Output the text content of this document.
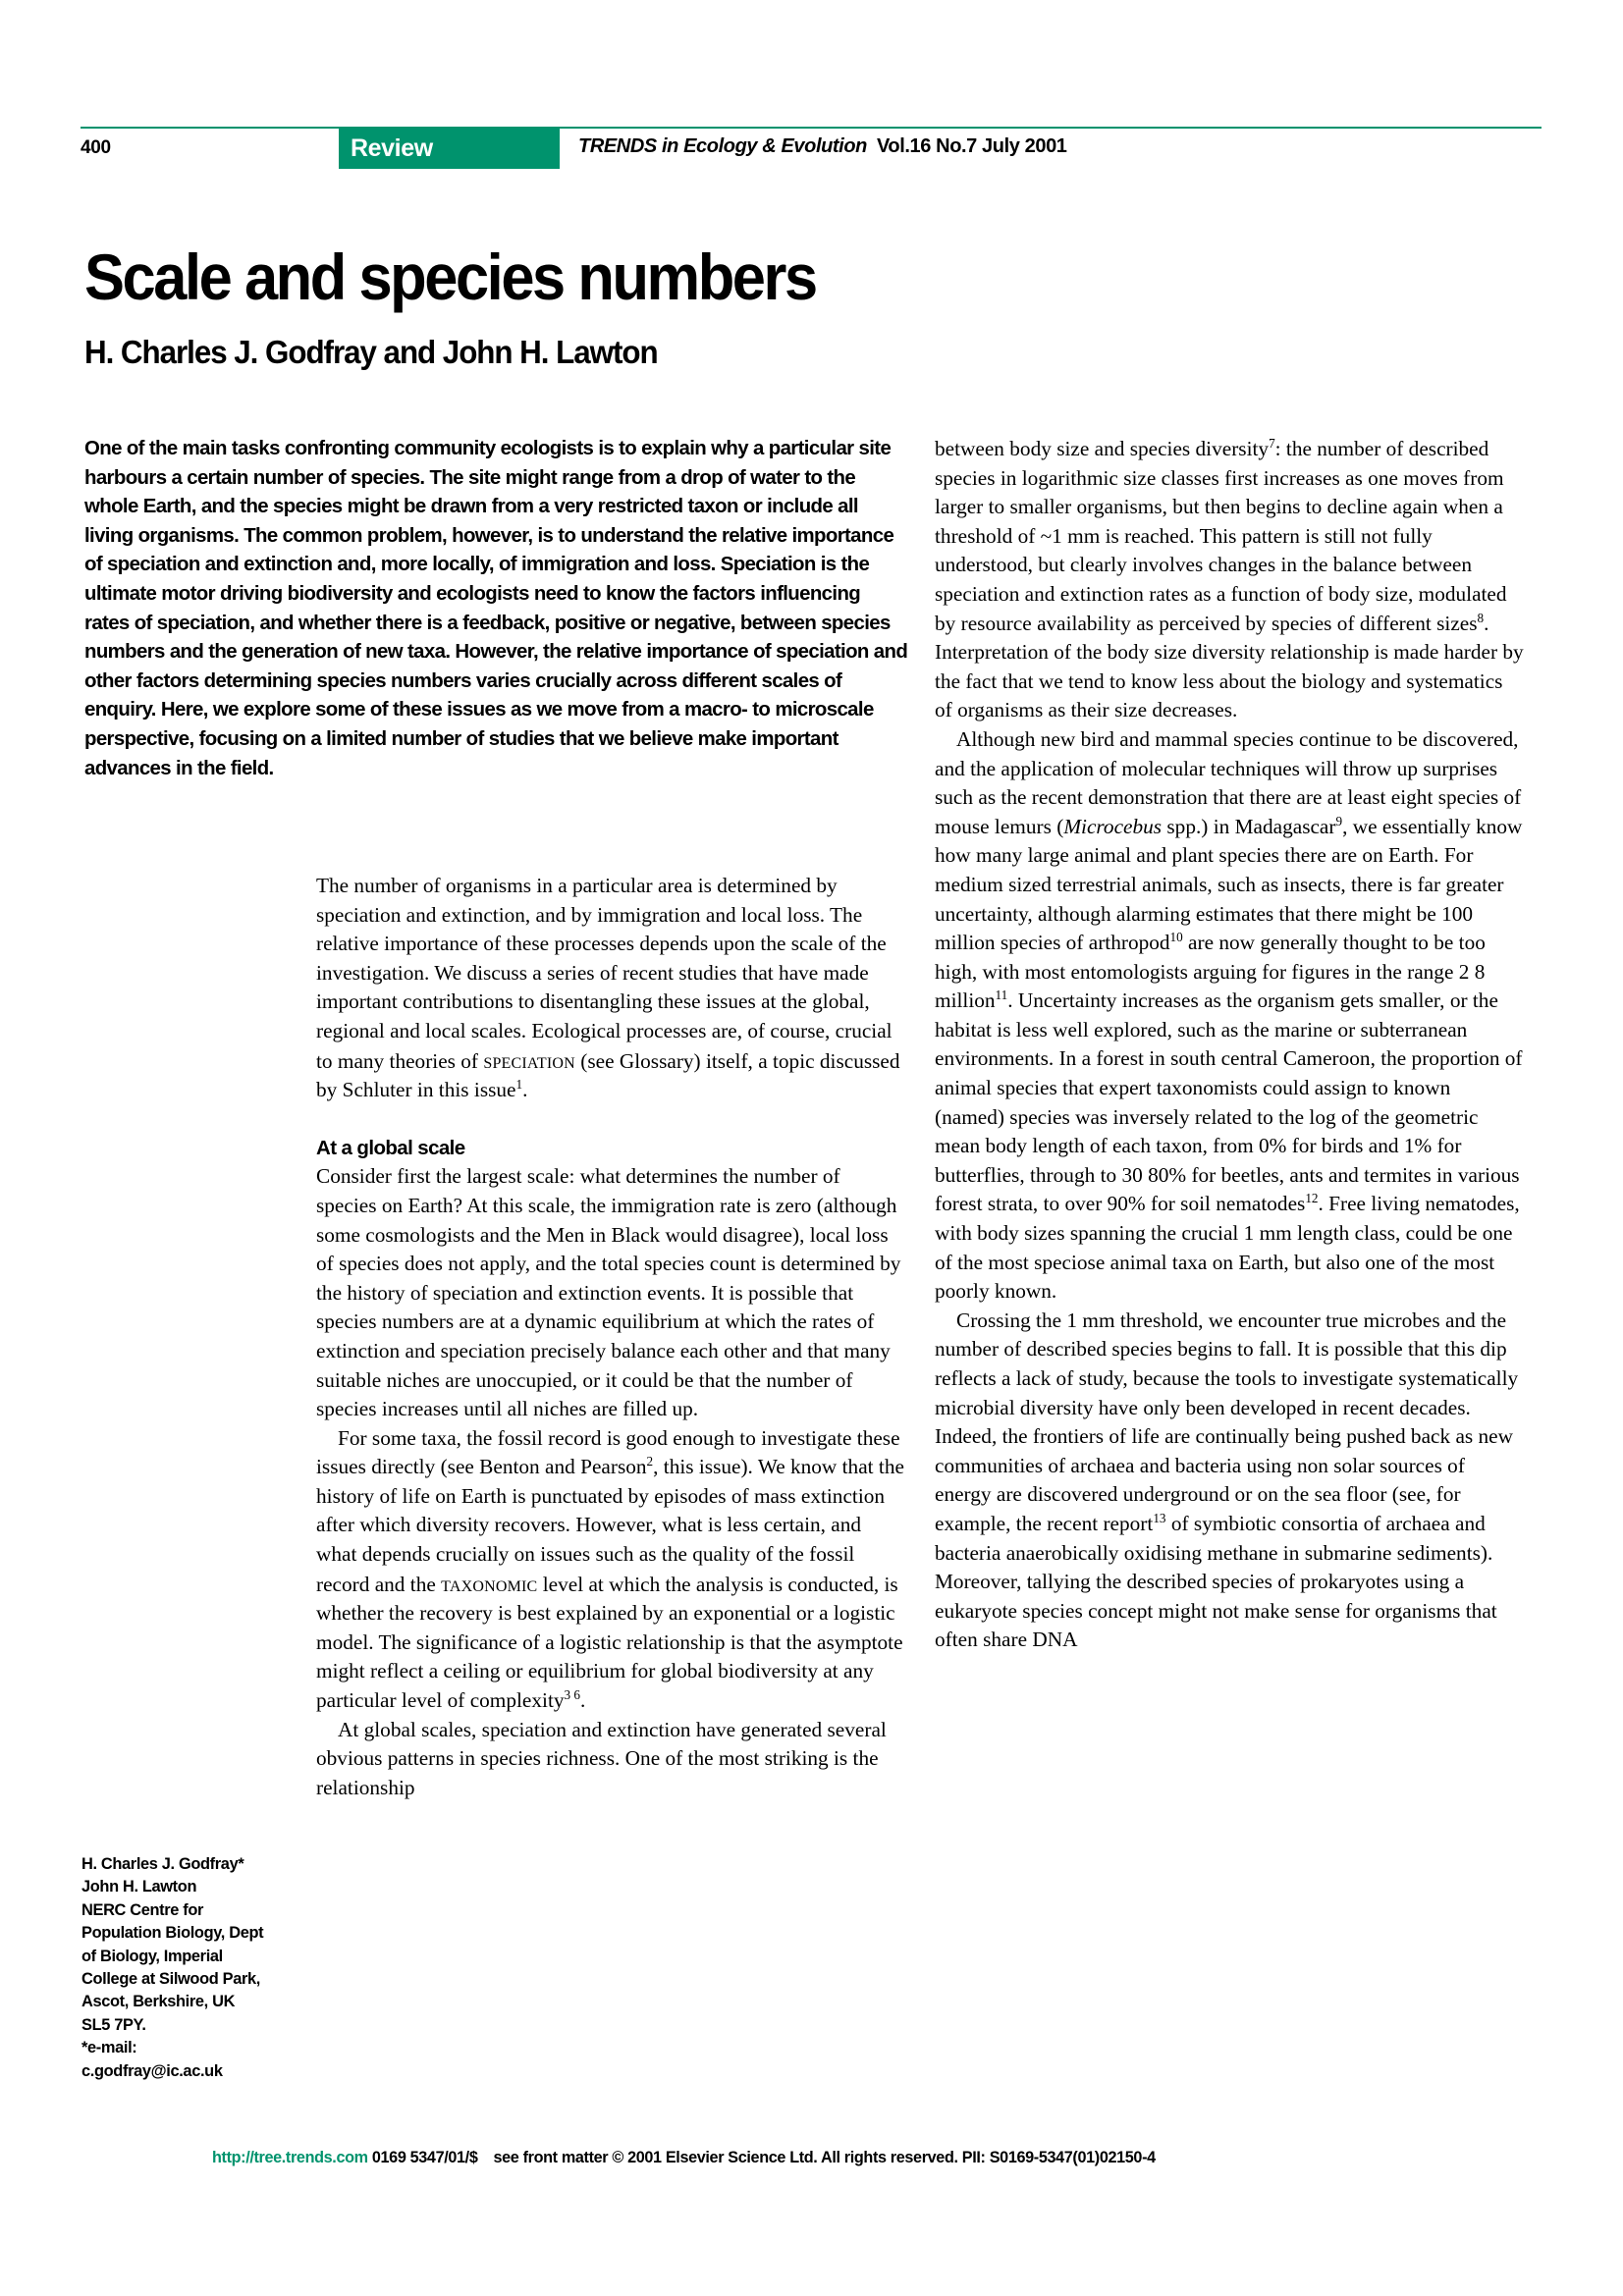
400	Review	TRENDS in Ecology & Evolution Vol.16 No.7 July 2001
Scale and species numbers
H. Charles J. Godfray and John H. Lawton
One of the main tasks confronting community ecologists is to explain why a particular site harbours a certain number of species. The site might range from a drop of water to the whole Earth, and the species might be drawn from a very restricted taxon or include all living organisms. The common problem, however, is to understand the relative importance of speciation and extinction and, more locally, of immigration and loss. Speciation is the ultimate motor driving biodiversity and ecologists need to know the factors influencing rates of speciation, and whether there is a feedback, positive or negative, between species numbers and the generation of new taxa. However, the relative importance of speciation and other factors determining species numbers varies crucially across different scales of enquiry. Here, we explore some of these issues as we move from a macro- to microscale perspective, focusing on a limited number of studies that we believe make important advances in the field.

The number of organisms in a particular area is determined by speciation and extinction, and by immigration and local loss. The relative importance of these processes depends upon the scale of the investigation. We discuss a series of recent studies that have made important contributions to disentangling these issues at the global, regional and local scales. Ecological processes are, of course, crucial to many theories of speciation (see Glossary) itself, a topic discussed by Schluter in this issue$^1$.

At a global scale

Consider first the largest scale: what determines the number of species on Earth? At this scale, the immigration rate is zero (although some cosmologists and the Men in Black would disagree), local loss of species does not apply, and the total species count is determined by the history of speciation and extinction events. It is possible that species numbers are at a dynamic equilibrium at which the rates of extinction and speciation precisely balance each other and that many suitable niches are unoccupied, or it could be that the number of species increases until all niches are filled up.

For some taxa, the fossil record is good enough to investigate these issues directly (see Benton and Pearson$^2$, this issue). We know that the history of life on Earth is punctuated by episodes of mass extinction after which diversity recovers. However, what is less certain, and what depends crucially on issues such as the quality of the fossil record and the taxonomic level at which the analysis is conducted, is whether the recovery is best explained by an exponential or a logistic model. The significance of a logistic relationship is that the asymptote might reflect a ceiling or equilibrium for global biodiversity at any particular level of complexity$^{3 6}$.

At global scales, speciation and extinction have generated several obvious patterns in species richness. One of the most striking is the relationship

between body size and species diversity$^7$: the number of described species in logarithmic size classes first increases as one moves from larger to smaller organisms, but then begins to decline again when a threshold of ~1 mm is reached. This pattern is still not fully understood, but clearly involves changes in the balance between speciation and extinction rates as a function of body size, modulated by resource availability as perceived by species of different sizes$^8$. Interpretation of the body size diversity relationship is made harder by the fact that we tend to know less about the biology and systematics of organisms as their size decreases.

Although new bird and mammal species continue to be discovered, and the application of molecular techniques will throw up surprises such as the recent demonstration that there are at least eight species of mouse lemurs (Microcebus spp.) in Madagascar$^9$, we essentially know how many large animal and plant species there are on Earth. For medium sized terrestrial animals, such as insects, there is far greater uncertainty, although alarming estimates that there might be 100 million species of arthropod$^{10}$ are now generally thought to be too high, with most entomologists arguing for figures in the range 2 8 million$^{11}$. Uncertainty increases as the organism gets smaller, or the habitat is less well explored, such as the marine or subterranean environments. In a forest in south central Cameroon, the proportion of animal species that expert taxonomists could assign to known (named) species was inversely related to the log of the geometric mean body length of each taxon, from 0% for birds and 1% for butterflies, through to 30 80% for beetles, ants and termites in various forest strata, to over 90% for soil nematodes$^{12}$. Free living nematodes, with body sizes spanning the crucial 1 mm length class, could be one of the most speciose animal taxa on Earth, but also one of the most poorly known.

Crossing the 1 mm threshold, we encounter true microbes and the number of described species begins to fall. It is possible that this dip reflects a lack of study, because the tools to investigate systematically microbial diversity have only been developed in recent decades. Indeed, the frontiers of life are continually being pushed back as new communities of archaea and bacteria using non solar sources of energy are discovered underground or on the sea floor (see, for example, the recent report$^{13}$ of symbiotic consortia of archaea and bacteria anaerobically oxidising methane in submarine sediments). Moreover, tallying the described species of prokaryotes using a eukaryote species concept might not make sense for organisms that often share DNA

H. Charles J. Godfray*
John H. Lawton
NERC Centre for
Population Biology, Dept
of Biology, Imperial
College at Silwood Park,
Ascot, Berkshire, UK
SL5 7PY.
*e-mail:
c.godfray@ic.ac.uk
http://tree.trends.com 0169 5347/01/$ see front matter © 2001 Elsevier Science Ltd. All rights reserved. PII: S0169-5347(01)02150-4
